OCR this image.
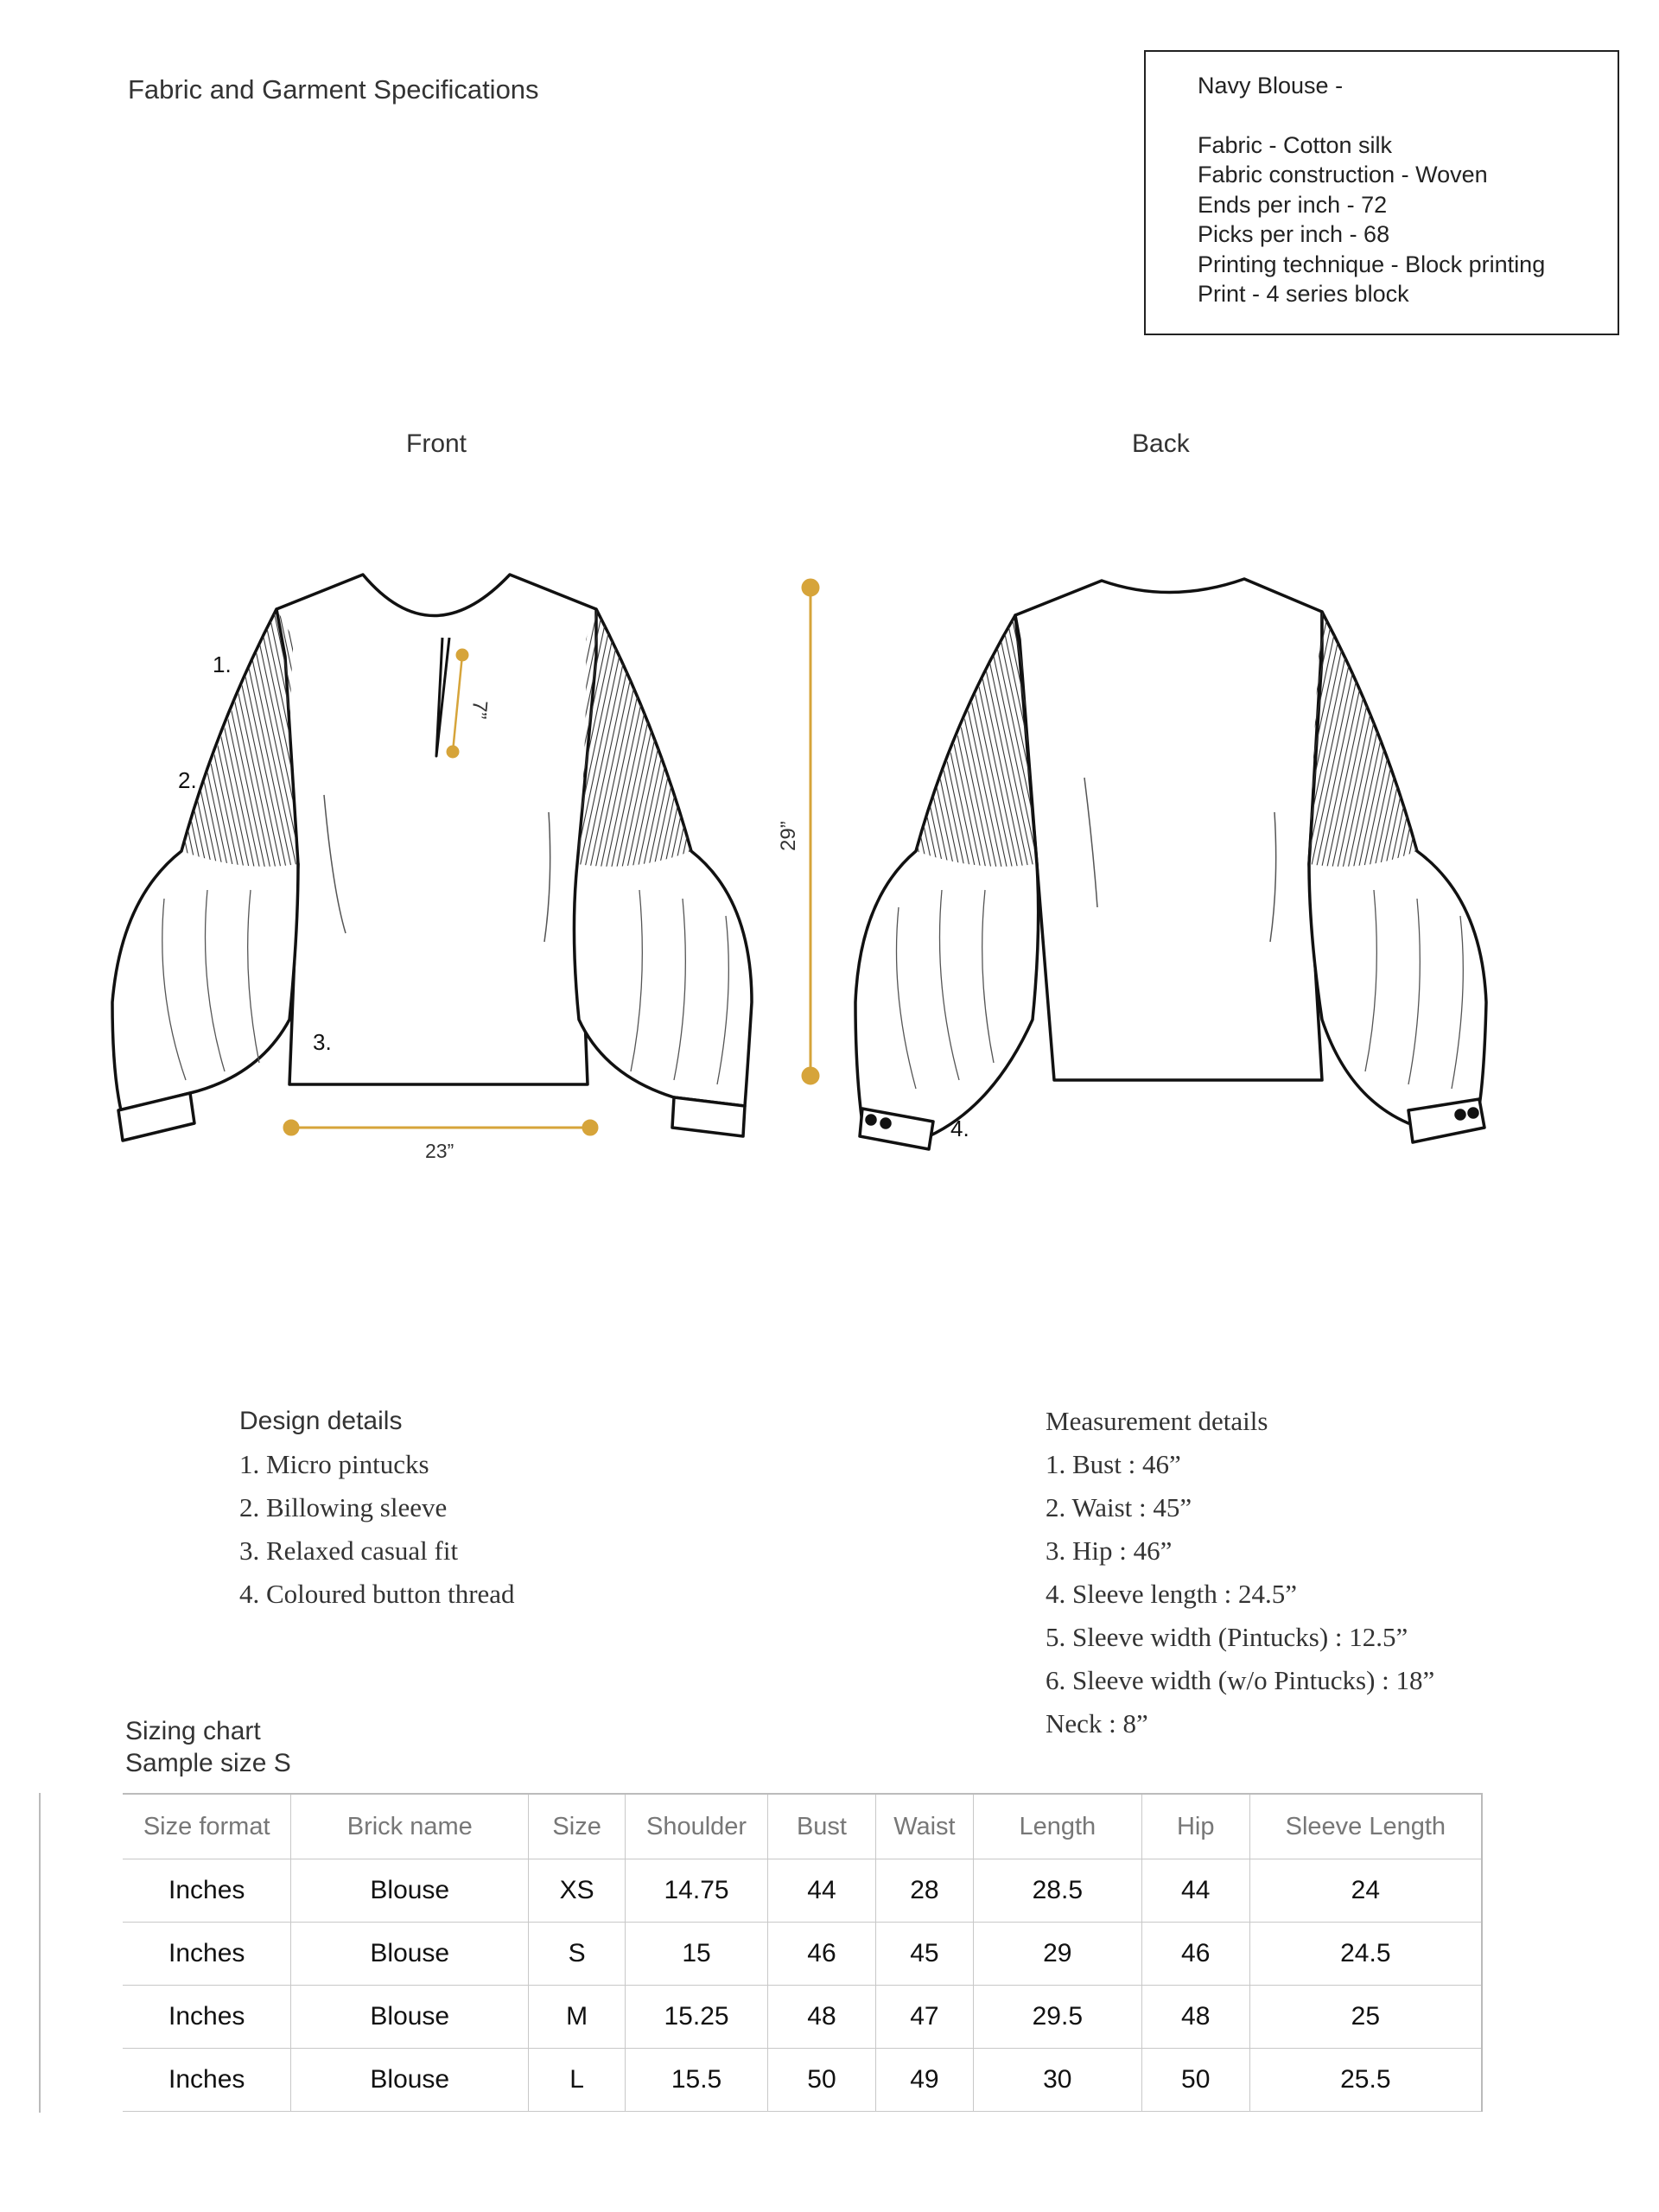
Fabric and Garment Specifications	Navy Blouse -
Fabric - Cotton silk
Fabric construction - Woven
Ends per inch - 72
Picks per inch - 68
Printing technique - Block printing
Print - 4 series block
Front	Back
1.
2.
3.
4.
7”
23”
29”
Design details
1. Micro pintucks
2. Billowing sleeve
3. Relaxed casual fit
4. Coloured button thread
Measurement details
1. Bust : 46”
2. Waist : 45”
3. Hip : 46”
4. Sleeve length : 24.5”
5. Sleeve width (Pintucks) : 12.5”
6. Sleeve width (w/o Pintucks) : 18”
Neck : 8”
Sizing chart
Sample size S
Size format	Brick name	Size	Shoulder	Bust	Waist	Length	Hip	Sleeve Length
Inches	Blouse	XS	14.75	44	28	28.5	44	24
Inches	Blouse	S	15	46	45	29	46	24.5
Inches	Blouse	M	15.25	48	47	29.5	48	25
Inches	Blouse	L	15.5	50	49	30	50	25.5
